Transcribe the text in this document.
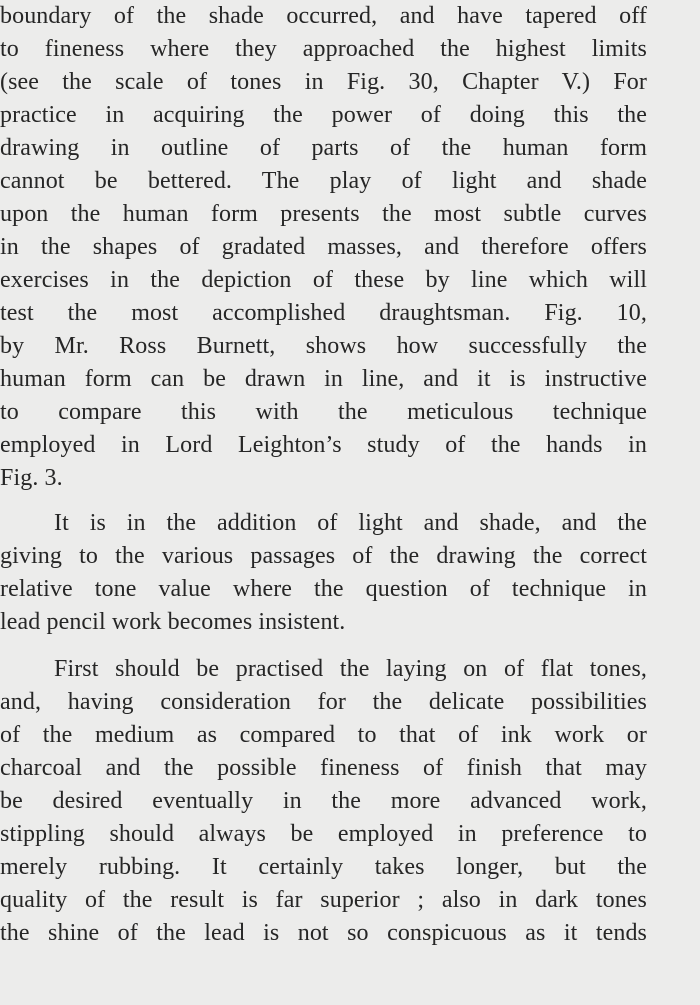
boundary of the shade occurred, and have tapered off
to fineness where they approached the highest limits
(see the scale of tones in Fig. 30, Chapter V.) For
practice in acquiring the power of doing this the
drawing in outline of parts of the human form
cannot be bettered. The play of light and shade
upon the human form presents the most subtle curves
in the shapes of gradated masses, and therefore offers
exercises in the depiction of these by line which will
test the most accomplished draughtsman. Fig. 10,
by Mr. Ross Burnett, shows how successfully the
human form can be drawn in line, and it is instructive
to compare this with the meticulous technique
employed in Lord Leighton’s study of the hands in
Fig. 3.
It is in the addition of light and shade, and the
giving to the various passages of the drawing the correct
relative tone value where the question of technique in
lead pencil work becomes insistent.
First should be practised the laying on of flat tones,
and, having consideration for the delicate possibilities
of the medium as compared to that of ink work or
charcoal and the possible fineness of finish that may
be desired eventually in the more advanced work,
stippling should always be employed in preference to
merely rubbing. It certainly takes longer, but the
quality of the result is far superior ; also in dark tones
the shine of the lead is not so conspicuous as it tends
